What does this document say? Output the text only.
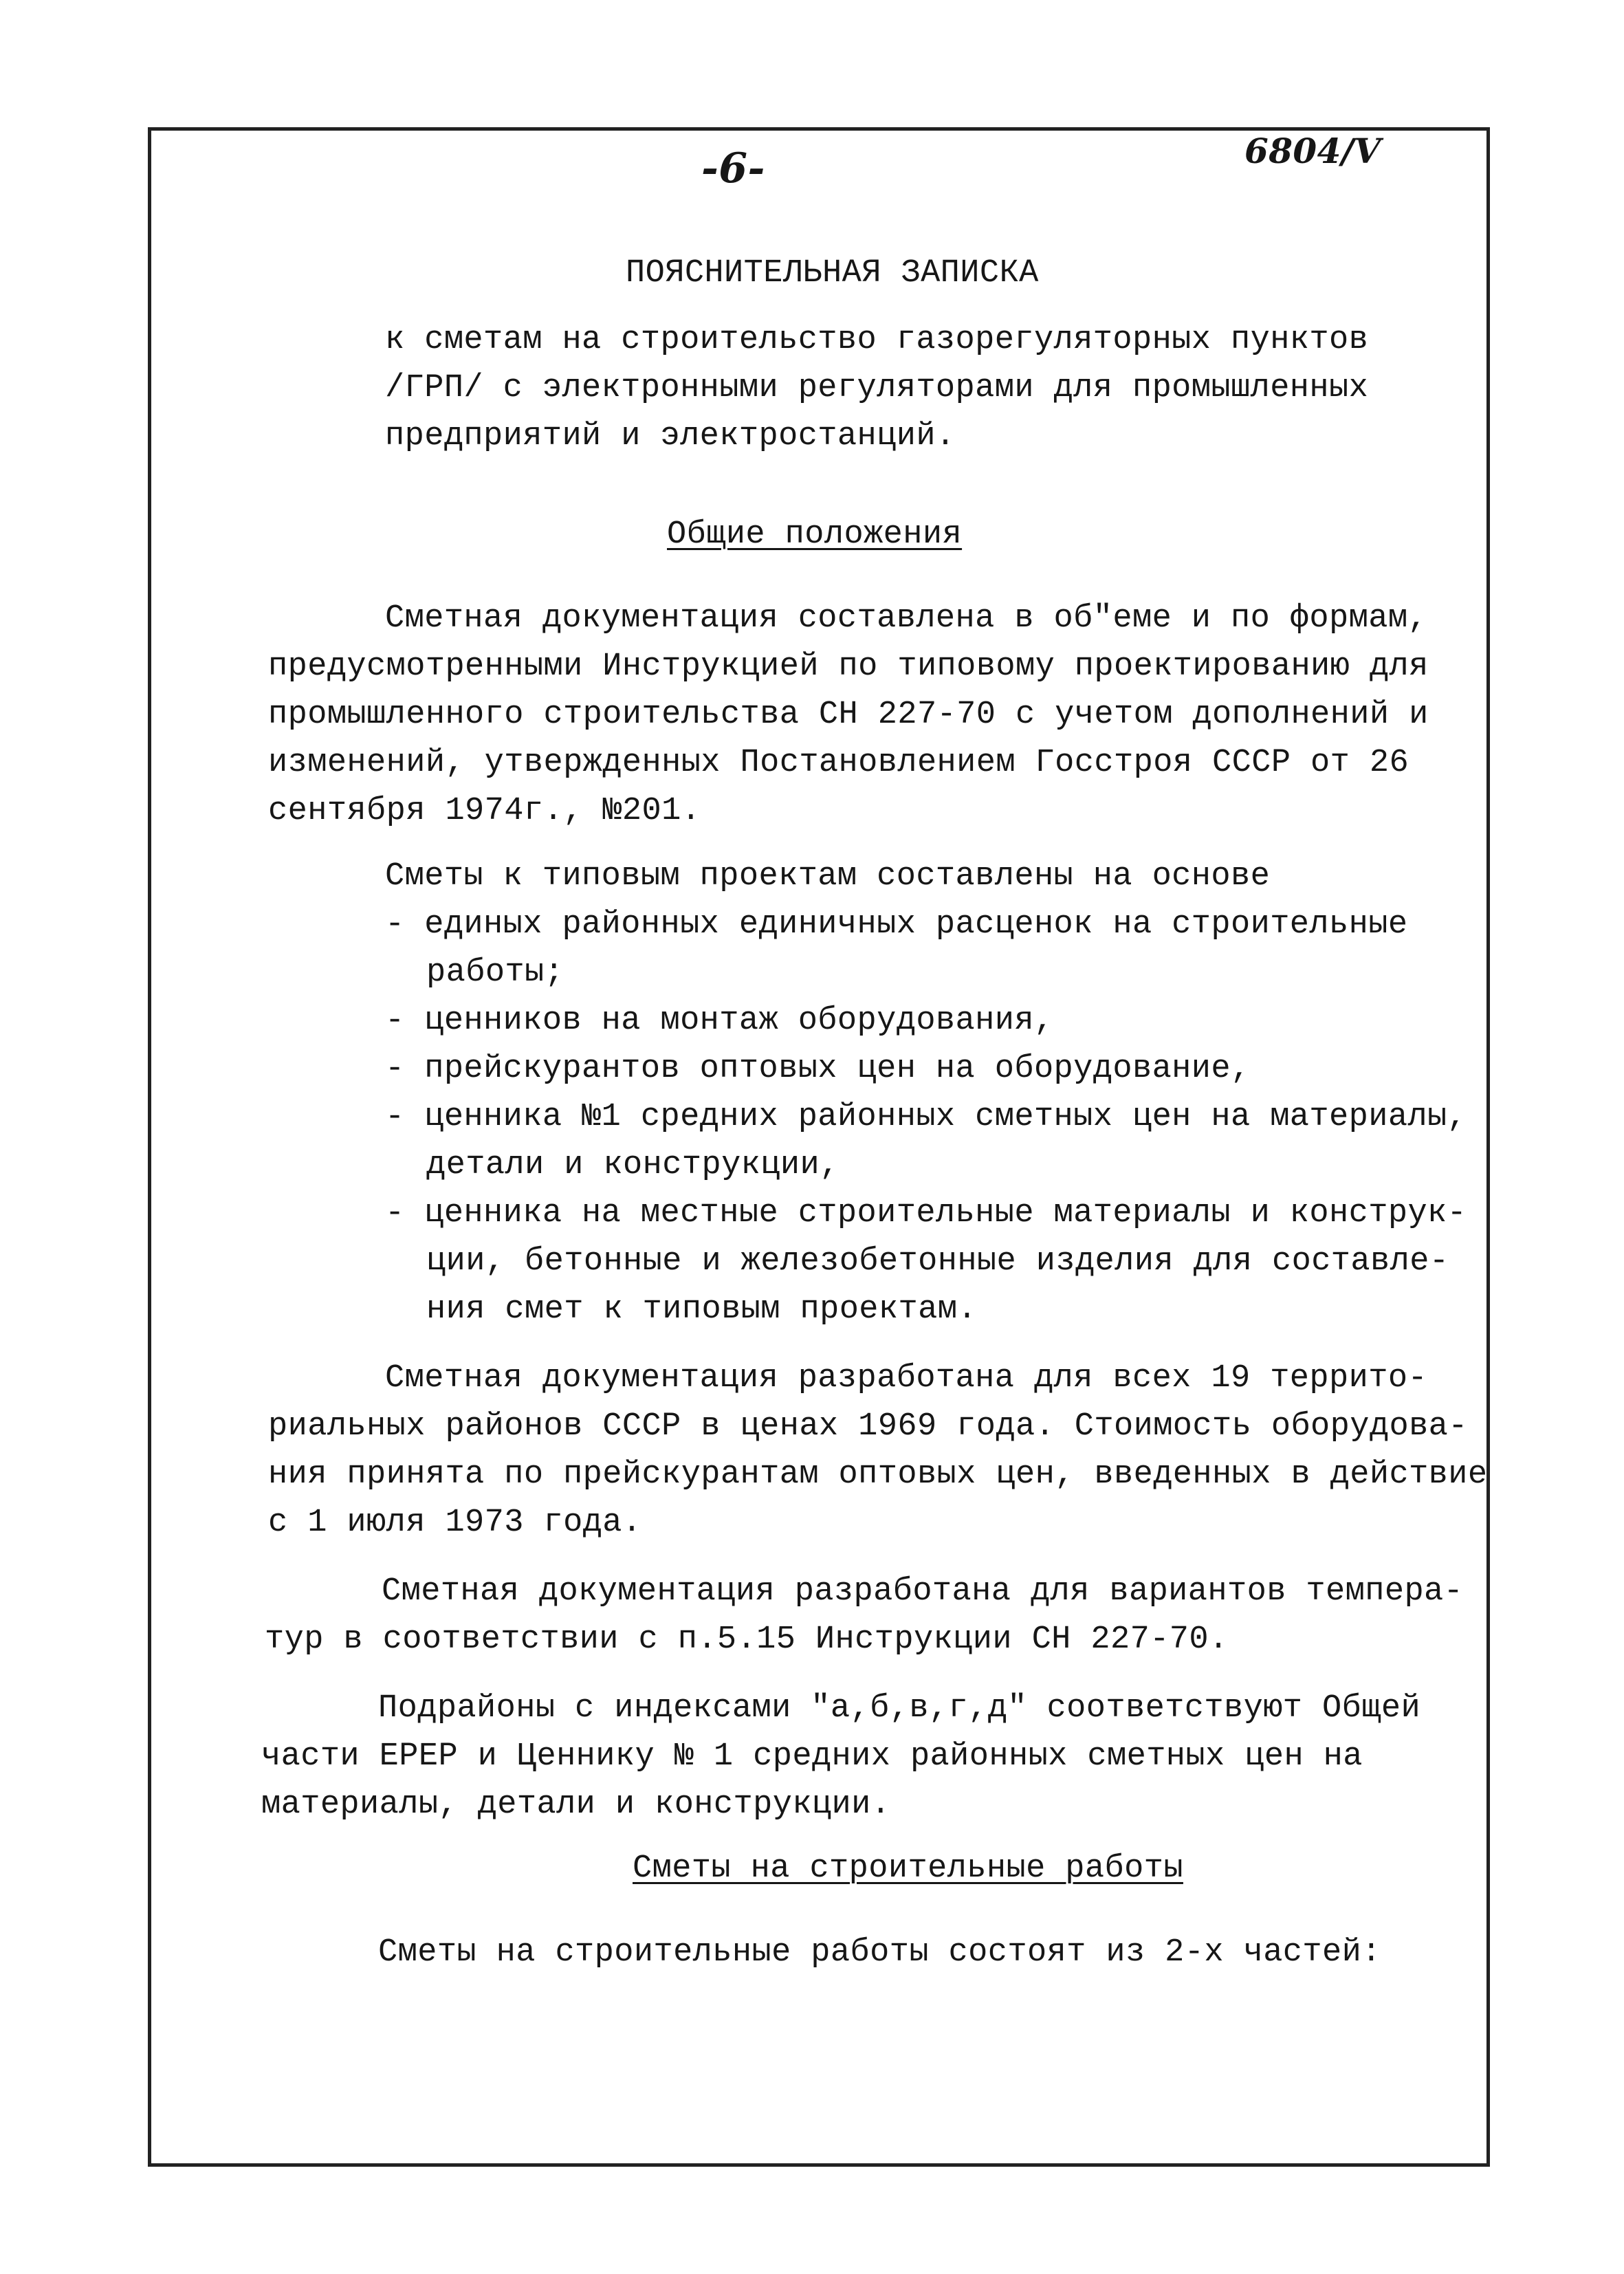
-6-	6804/V
ПОЯСНИТЕЛЬНАЯ ЗАПИСКА
к сметам на строительство газорегуляторных пунктов
/ГРП/ с электронными регуляторами для промышленных
предприятий и электростанций.
Общие положения
Сметная документация составлена в об"еме и по формам,
предусмотренными Инструкцией по типовому проектированию для
промышленного строительства СН 227-70 с учетом дополнений и
изменений, утвержденных Постановлением Госстроя СССР от 26
сентября 1974г., №201.
Сметы к типовым проектам составлены на основе
- единых районных единичных расценок на строительные
работы;
- ценников на монтаж оборудования,
- прейскурантов оптовых цен на оборудование,
- ценника №1 средних районных сметных цен на материалы,
детали и конструкции,
- ценника на местные строительные материалы и конструк-
ции, бетонные и железобетонные изделия для составле-
ния смет к типовым проектам.
Сметная документация разработана для всех 19 террито-
риальных районов СССР в ценах 1969 года. Стоимость оборудова-
ния принята по прейскурантам оптовых цен, введенных в действие
с 1 июля 1973 года.
Сметная документация разработана для вариантов темпера-
тур в соответствии с п.5.15 Инструкции СН 227-70.
Подрайоны с индексами "а,б,в,г,д" соответствуют Общей
части ЕРЕР и Ценнику № 1 средних районных сметных цен на
материалы, детали и конструкции.
Сметы на строительные работы
Сметы на строительные работы состоят из 2-х частей:
